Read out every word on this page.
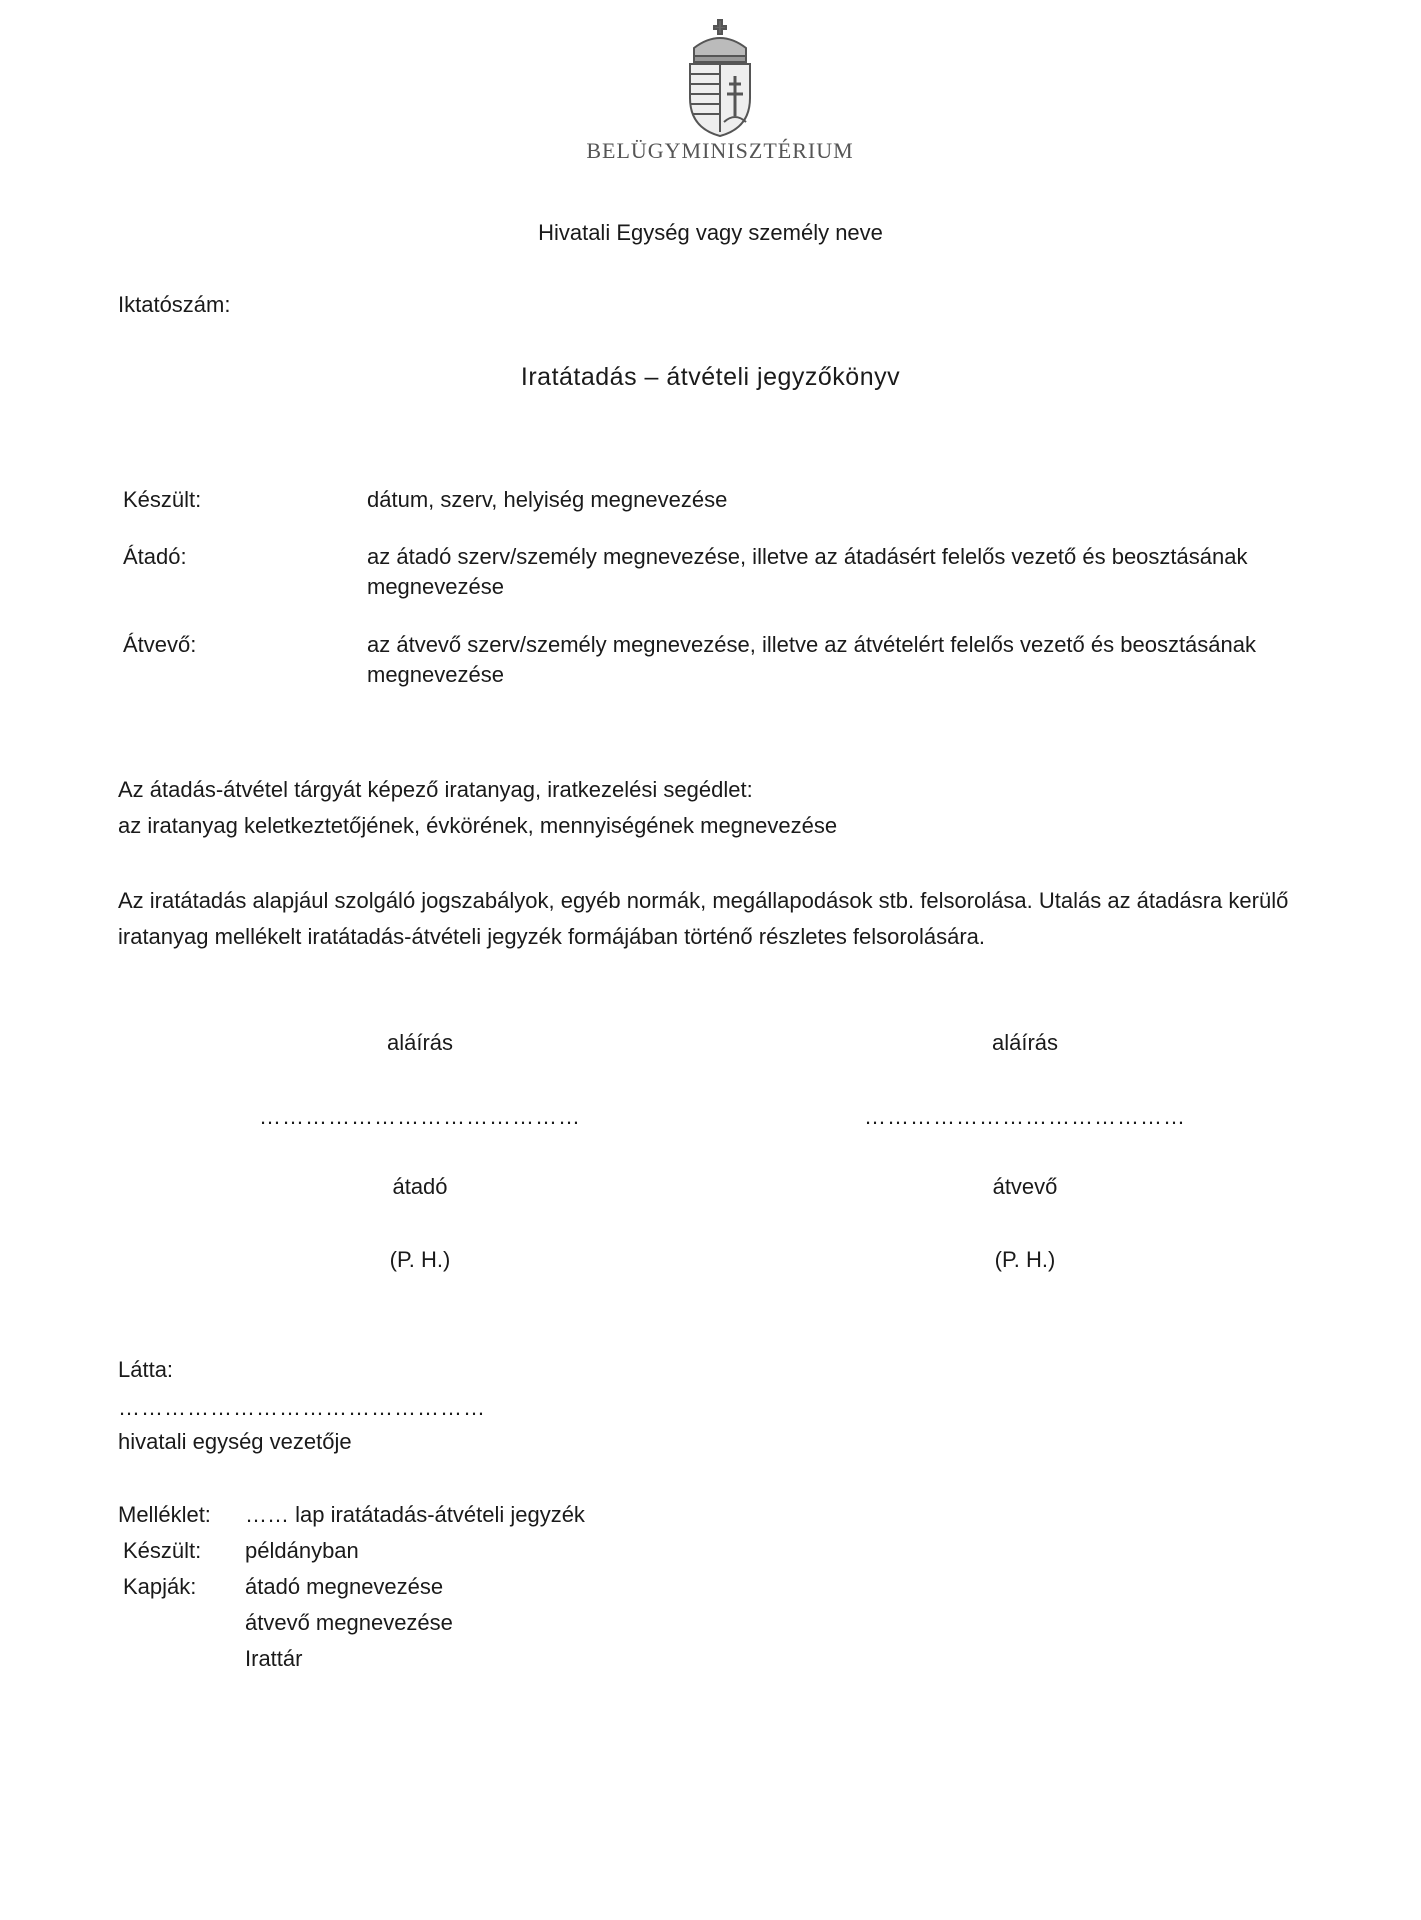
BELÜGYMINISZTÉRIUM
Hivatali Egység vagy személy neve
Iktatószám:
Iratátadás – átvételi jegyzőkönyv
Készült:	dátum, szerv, helyiség megnevezése
Átadó:	az átadó szerv/személy megnevezése, illetve az átadásért felelős vezető és beosztásának megnevezése
Átvevő:	az átvevő szerv/személy megnevezése, illetve az átvételért felelős vezető és beosztásának megnevezése
Az átadás-átvétel tárgyát képező iratanyag, iratkezelési segédlet:
az iratanyag keletkeztetőjének, évkörének, mennyiségének megnevezése
Az iratátadás alapjául szolgáló jogszabályok, egyéb normák, megállapodások stb. felsorolása. Utalás az átadásra kerülő iratanyag mellékelt iratátadás-átvételi jegyzék formájában történő részletes felsorolására.
aláírás	aláírás
……………………………………	……………………………………
átadó	átvevő
(P. H.)	(P. H.)
Látta:
…………………………………………
hivatali egység vezetője
Melléklet: …… lap iratátadás-átvételi jegyzék
Készült: példányban
Kapják: átadó megnevezése
átvevő megnevezése
Irattár
